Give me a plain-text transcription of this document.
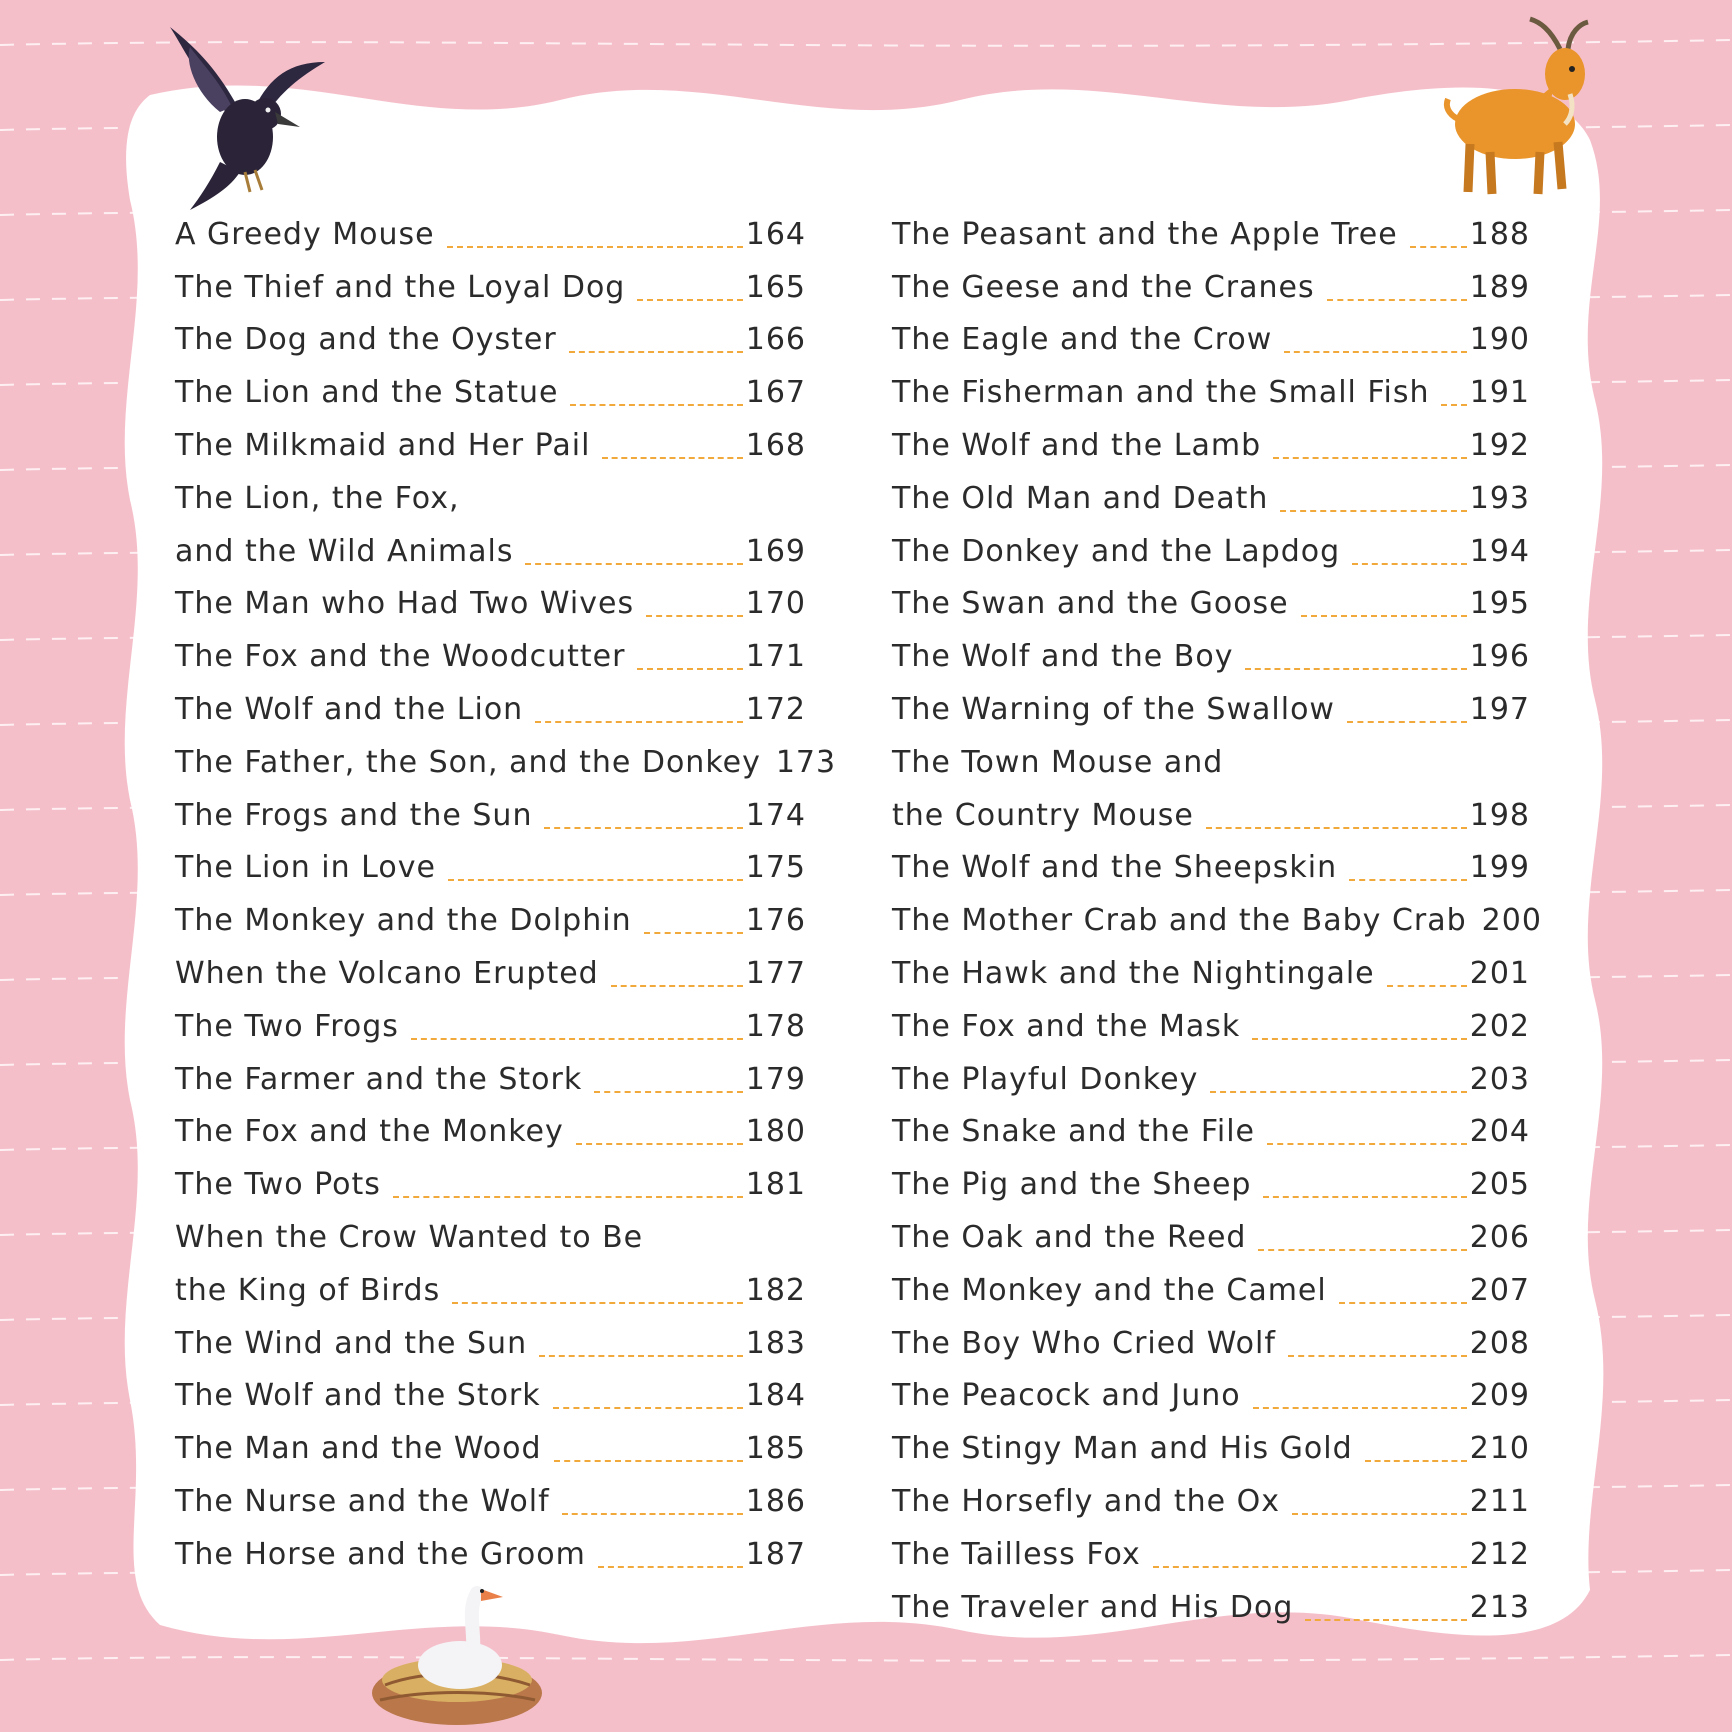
A Greedy Mouse	164
The Thief and the Loyal Dog	165
The Dog and the Oyster	166
The Lion and the Statue	167
The Milkmaid and Her Pail	168
The Lion, the Fox,
and the Wild Animals	169
The Man who Had Two Wives	170
The Fox and the Woodcutter	171
The Wolf and the Lion	172
The Father, the Son, and the Donkey 173
The Frogs and the Sun	174
The Lion in Love	175
The Monkey and the Dolphin	176
When the Volcano Erupted	177
The Two Frogs	178
The Farmer and the Stork	179
The Fox and the Monkey	180
The Two Pots	181
When the Crow Wanted to Be
the King of Birds	182
The Wind and the Sun	183
The Wolf and the Stork	184
The Man and the Wood	185
The Nurse and the Wolf	186
The Horse and the Groom	187
The Peasant and the Apple Tree 188
The Geese and the Cranes	189
The Eagle and the Crow	190
The Fisherman and the Small Fish 191
The Wolf and the Lamb	192
The Old Man and Death	193
The Donkey and the Lapdog	194
The Swan and the Goose	195
The Wolf and the Boy	196
The Warning of the Swallow	197
The Town Mouse and
the Country Mouse	198
The Wolf and the Sheepskin	199
The Mother Crab and the Baby Crab 200
The Hawk and the Nightingale	201
The Fox and the Mask	202
The Playful Donkey	203
The Snake and the File	204
The Pig and the Sheep	205
The Oak and the Reed	206
The Monkey and the Camel	207
The Boy Who Cried Wolf	208
The Peacock and Juno	209
The Stingy Man and His Gold	210
The Horsefly and the Ox	211
The Tailless Fox	212
The Traveler and His Dog	213
